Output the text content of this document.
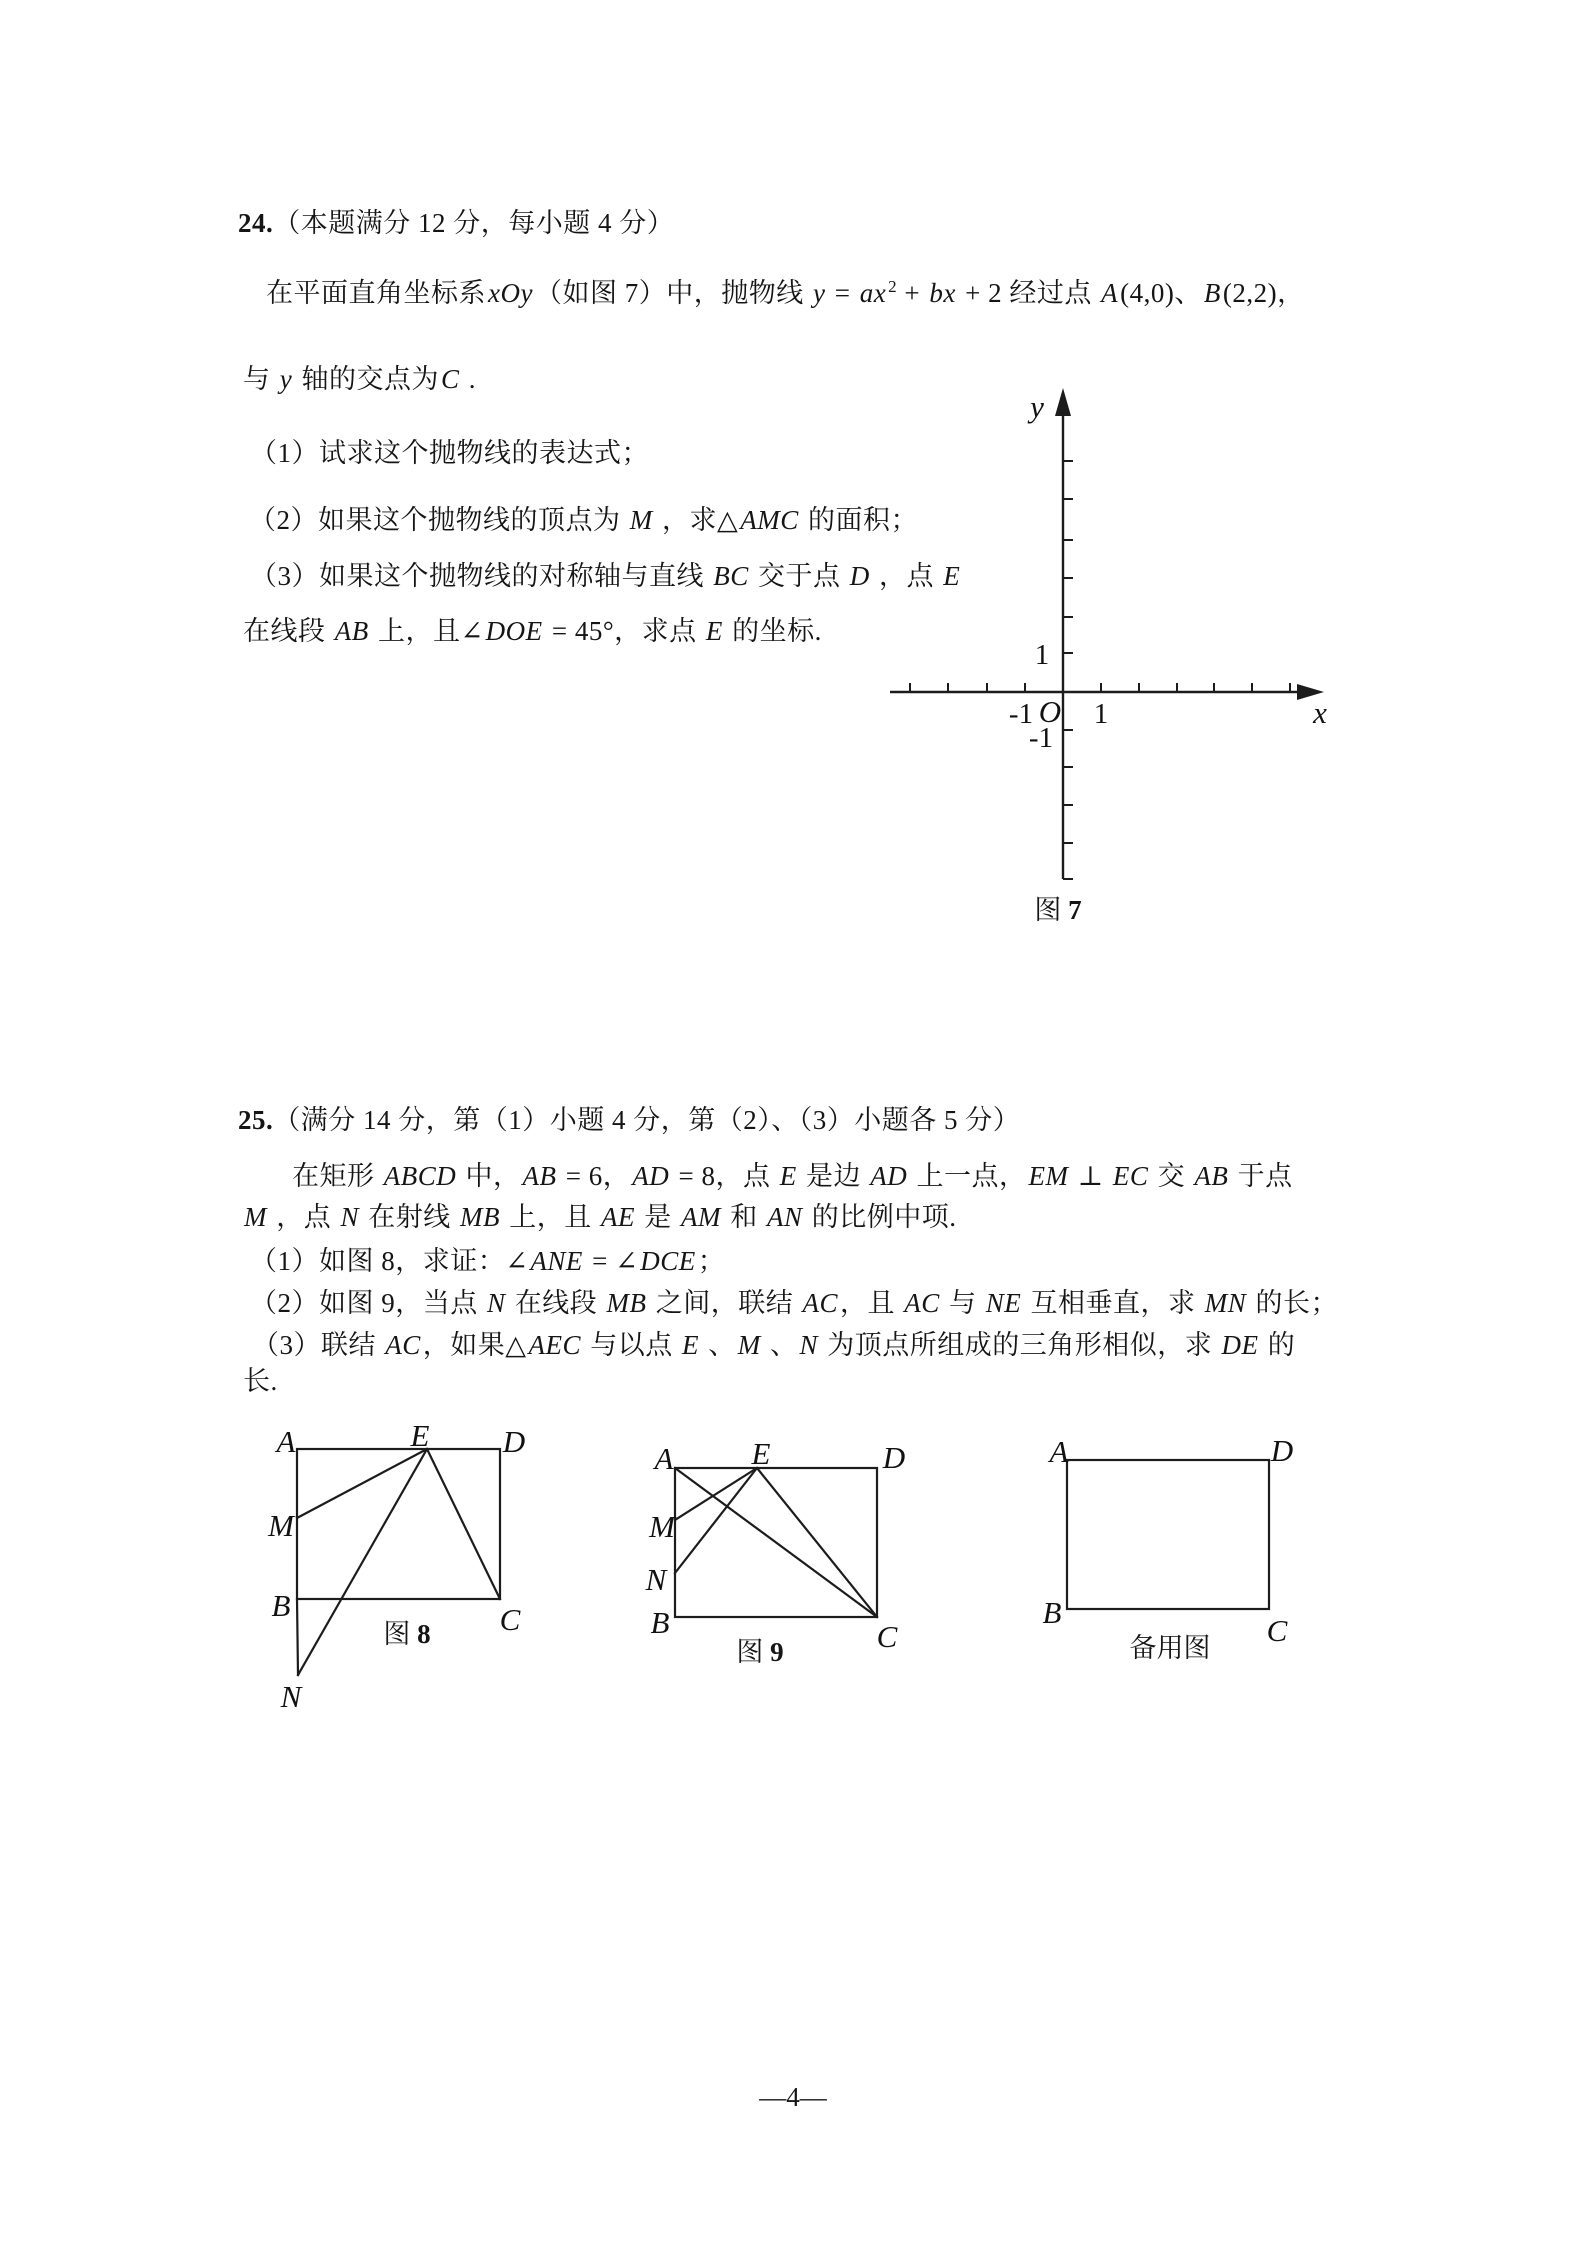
24.（本题满分 12 分，每小题 4 分）
在平面直角坐标系xOy（如图 7）中，抛物线 y = ax $^2$ + bx + 2 经过点 A(4,0)、B(2,2)，
与 y 轴的交点为C .
（1）试求这个抛物线的表达式；
（2）如果这个抛物线的顶点为 M ，求△AMC 的面积；
（3）如果这个抛物线的对称轴与直线 BC 交于点 D ，点 E
在线段 AB 上，且∠DOE = 45°，求点 E 的坐标.
y
x
O 1
-1
1
-1
图 7
25.（满分 14 分，第（1）小题 4 分，第（2）、（3）小题各 5 分）
在矩形 ABCD 中，AB = 6，AD = 8，点 E 是边 AD 上一点，EM ⊥ EC 交 AB 于点
M ，点 N 在射线 MB 上，且 AE 是 AM 和 AN 的比例中项.
（1）如图 8，求证：∠ANE = ∠DCE；
（2）如图 9，当点 N 在线段 MB 之间，联结 AC，且 AC 与 NE 互相垂直，求 MN 的长；
（3）联结 AC，如果△AEC 与以点 E 、M 、N 为顶点所组成的三角形相似，求 DE 的
长.
A	E D
M
B	C
N
图 8
A	E	D
M
N
B	C
图 9
A	D
B
C
备用图
—4—
